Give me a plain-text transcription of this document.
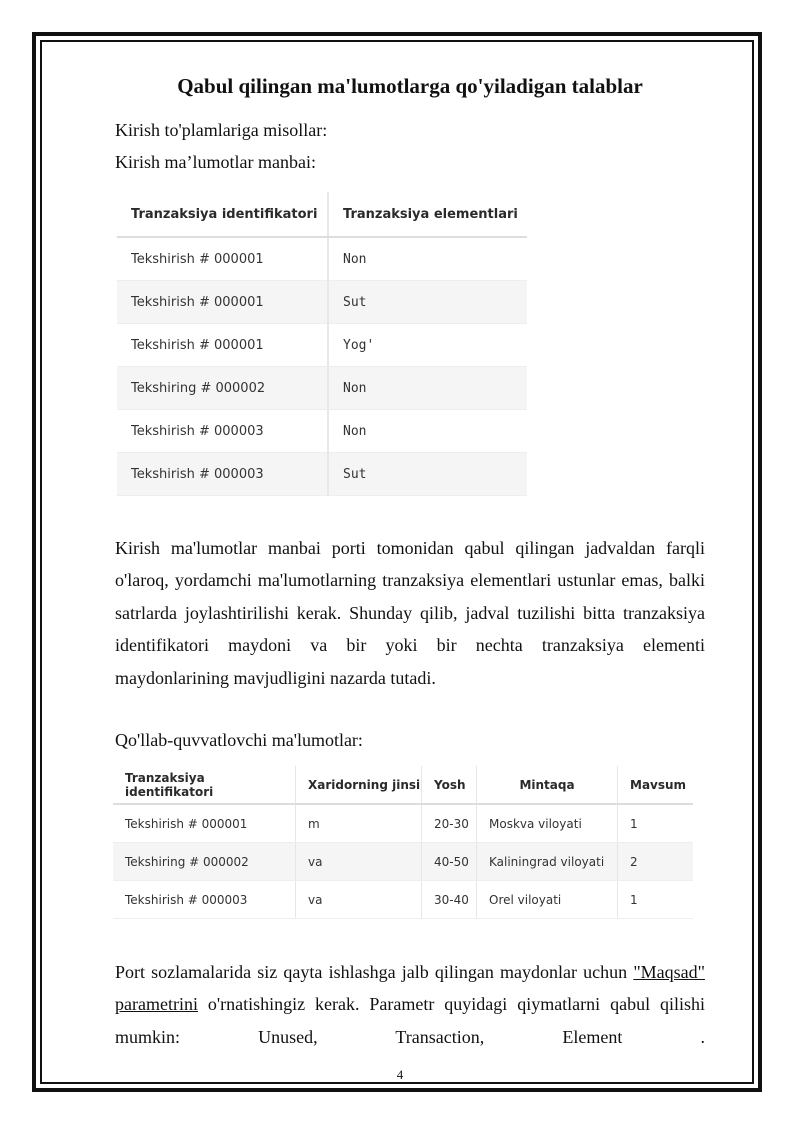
Qabul qilingan ma'lumotlarga qo'yiladigan talablar
Kirish to'plamlariga misollar:
Kirish ma’lumotlar manbai:
Tranzaksiya identifikatori	Tranzaksiya elementlari
Tekshirish # 000001	Non
Tekshirish # 000001	Sut
Tekshirish # 000001	Yog'
Tekshiring # 000002	Non
Tekshirish # 000003	Non
Tekshirish # 000003	Sut
Kirish ma'lumotlar manbai porti tomonidan qabul qilingan jadvaldan farqli o'laroq, yordamchi ma'lumotlarning tranzaksiya elementlari ustunlar emas, balki satrlarda joylashtirilishi kerak. Shunday qilib, jadval tuzilishi bitta tranzaksiya identifikatori maydoni va bir yoki bir nechta tranzaksiya elementi maydonlarining mavjudligini nazarda tutadi.
Qo'llab-quvvatlovchi ma'lumotlar:
Tranzaksiya identifikatori	Xaridorning jinsi	Yosh	Mintaqa	Mavsum
Tekshirish # 000001	m	20-30	Moskva viloyati	1
Tekshiring # 000002	va	40-50	Kaliningrad viloyati	2
Tekshirish # 000003	va	30-40	Orel viloyati	1
Port sozlamalarida siz qayta ishlashga jalb qilingan maydonlar uchun "Maqsad" parametrini o'rnatishingiz kerak. Parametr quyidagi qiymatlarni qabul qilishi mumkin: Unused, Transaction, Element .
4
